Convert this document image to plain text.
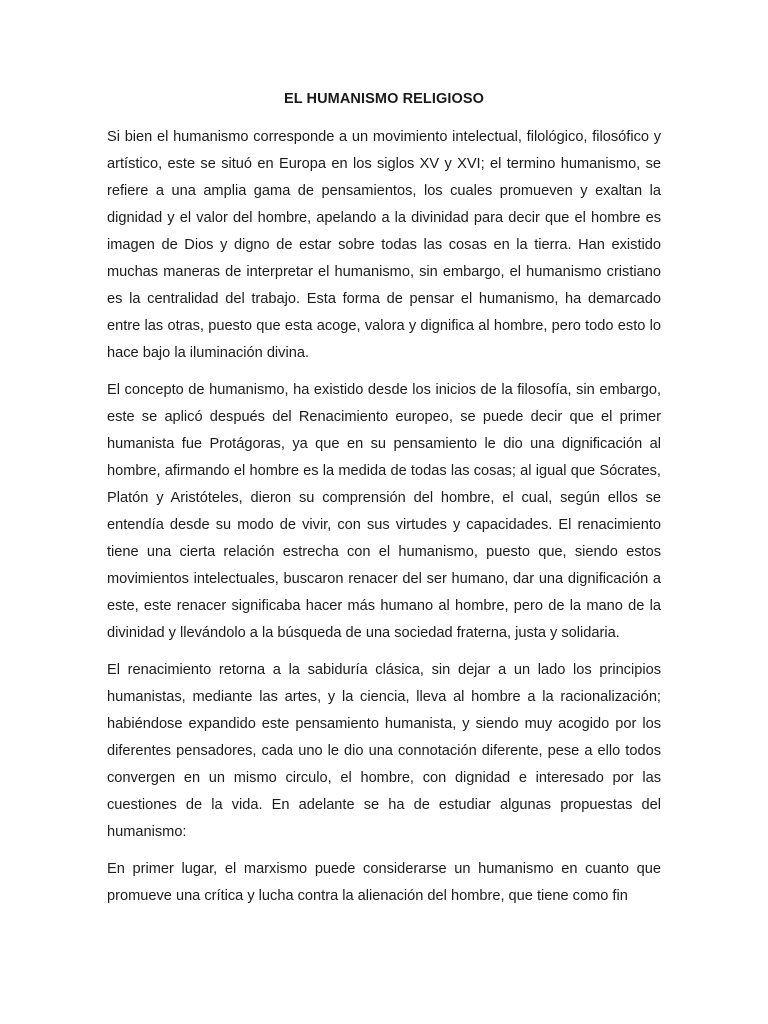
EL HUMANISMO RELIGIOSO

Si bien el humanismo corresponde a un movimiento intelectual, filológico, filosófico y artístico, este se situó en Europa en los siglos XV y XVI; el termino humanismo, se refiere a una amplia gama de pensamientos, los cuales promueven y exaltan la dignidad y el valor del hombre, apelando a la divinidad para decir que el hombre es imagen de Dios y digno de estar sobre todas las cosas en la tierra. Han existido muchas maneras de interpretar el humanismo, sin embargo, el humanismo cristiano es la centralidad del trabajo. Esta forma de pensar el humanismo, ha demarcado entre las otras, puesto que esta acoge, valora y dignifica al hombre, pero todo esto lo hace bajo la iluminación divina.

El concepto de humanismo, ha existido desde los inicios de la filosofía, sin embargo, este se aplicó después del Renacimiento europeo, se puede decir que el primer humanista fue Protágoras, ya que en su pensamiento le dio una dignificación al hombre, afirmando el hombre es la medida de todas las cosas; al igual que Sócrates, Platón y Aristóteles, dieron su comprensión del hombre, el cual, según ellos se entendía desde su modo de vivir, con sus virtudes y capacidades. El renacimiento tiene una cierta relación estrecha con el humanismo, puesto que, siendo estos movimientos intelectuales, buscaron renacer del ser humano, dar una dignificación a este, este renacer significaba hacer más humano al hombre, pero de la mano de la divinidad y llevándolo a la búsqueda de una sociedad fraterna, justa y solidaria.

El renacimiento retorna a la sabiduría clásica, sin dejar a un lado los principios humanistas, mediante las artes, y la ciencia, lleva al hombre a la racionalización; habiéndose expandido este pensamiento humanista, y siendo muy acogido por los diferentes pensadores, cada uno le dio una connotación diferente, pese a ello todos convergen en un mismo circulo, el hombre, con dignidad e interesado por las cuestiones de la vida. En adelante se ha de estudiar algunas propuestas del humanismo:

En primer lugar, el marxismo puede considerarse un humanismo en cuanto que promueve una crítica y lucha contra la alienación del hombre, que tiene como fin
